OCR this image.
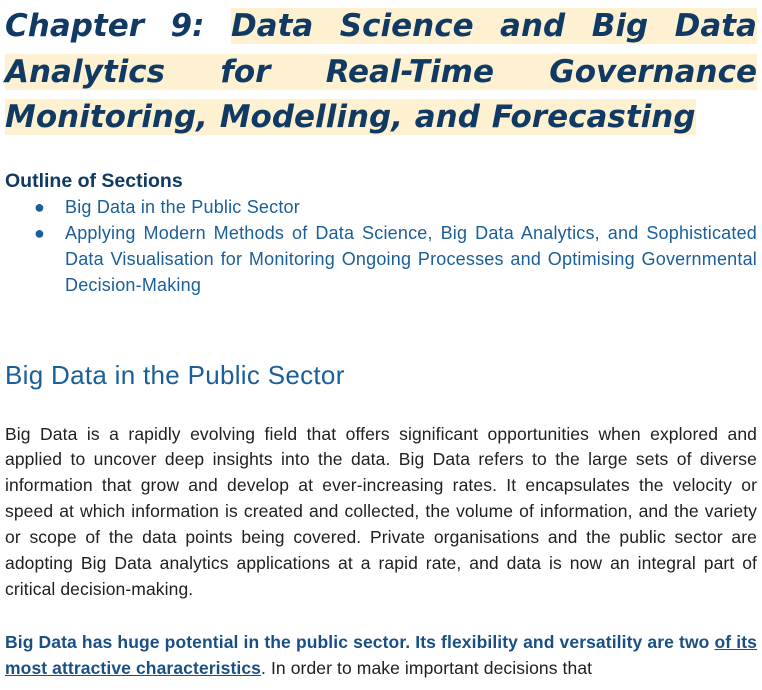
Chapter 9: Data Science and Big Data Analytics for Real-Time Governance Monitoring, Modelling, and Forecasting
Outline of Sections
● Big Data in the Public Sector
● Applying Modern Methods of Data Science, Big Data Analytics, and Sophisticated Data Visualisation for Monitoring Ongoing Processes and Optimising Governmental Decision-Making
Big Data in the Public Sector

Big Data is a rapidly evolving field that offers significant opportunities when explored and applied to uncover deep insights into the data. Big Data refers to the large sets of diverse information that grow and develop at ever-increasing rates. It encapsulates the velocity or speed at which information is created and collected, the volume of information, and the variety or scope of the data points being covered. Private organisations and the public sector are adopting Big Data analytics applications at a rapid rate, and data is now an integral part of critical decision-making.

Big Data has huge potential in the public sector. Its flexibility and versatility are two of its most attractive characteristics. In order to make important decisions that
